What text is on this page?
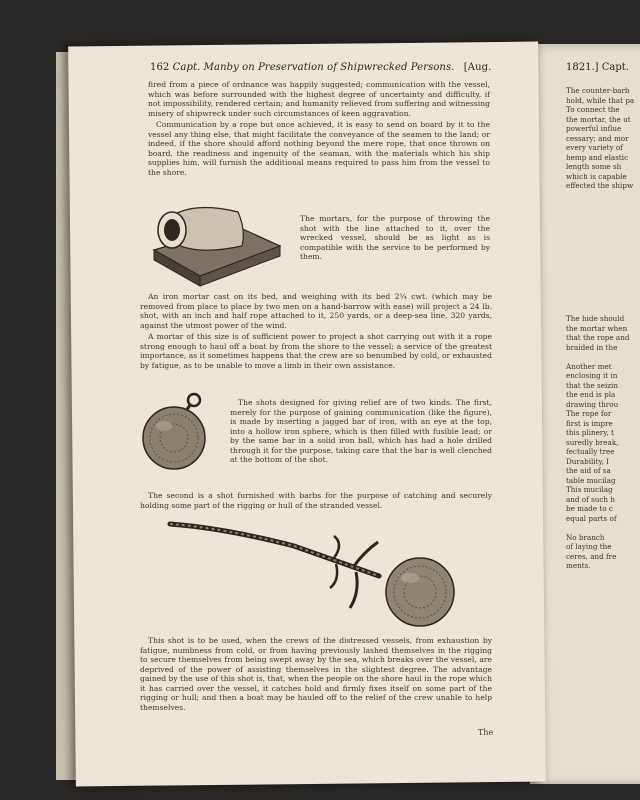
162 Capt. Manby on Preservation of Shipwrecked Persons. [Aug.

fired from a piece of ordnance was happily suggested; communication with the vessel, which was before surrounded with the highest degree of uncertainty and difficulty, if not impossibility, rendered certain; and humanity relieved from suffering and witnessing misery of shipwreck under such circumstances of keen aggravation.

Communication by a rope but once achieved, it is easy to send on board by it to the vessel any thing else, that might facilitate the conveyance of the seamen to the land; or indeed, if the shore should afford nothing beyond the mere rope, that once thrown on board, the readiness and ingenuity of the seaman, with the materials which his ship supplies him, will furnish the additional means required to pass him from the vessel to the shore.

The mortars, for the purpose of throwing the shot with the line attached to it, over the wrecked vessel, should be as light as is compatible with the service to be performed by them.

An iron mortar cast on its bed, and weighing with its bed 2¼ cwt. (which may be removed from place to place by two men on a hand-barrow with ease) will project a 24 lb. shot, with an inch and half rope attached to it, 250 yards, or a deep-sea line, 320 yards, against the utmost power of the wind.

A mortar of this size is of sufficient power to project a shot carrying out with it a rope strong enough to haul off a boat by from the shore to the vessel; a service of the greatest importance, as it sometimes happens that the crew are so benumbed by cold, or exhausted by fatigue, as to be unable to move a limb in their own assistance.

The shots designed for giving relief are of two kinds. The first, merely for the purpose of gaining communication (like the figure), is made by inserting a jagged bar of iron, with an eye at the top, into a hollow iron sphere, which is then filled with fusible lead; or by the same bar in a solid iron ball, which has had a hole drilled through it for the purpose, taking care that the bar is well clenched at the bottom of the shot.

The second is a shot furnished with barbs for the purpose of catching and securely holding some part of the rigging or hull of the stranded vessel.

This shot is to be used, when the crews of the distressed vessels, from exhaustion by fatigue, numbness from cold, or from having previously lashed themselves in the rigging to secure themselves from being swept away by the sea, which breaks over the vessel, are deprived of the power of assisting themselves in the slightest degree. The advantage gained by the use of this shot is, that, when the people on the shore haul in the rope which it has carried over the vessel, it catches hold and firmly fixes itself on some part of the rigging or hull; and then a boat may be hauled off to the relief of the crew unable to help themselves.

The
1821.] Capt.
The counter-barb
hold, while that pa
To connect the
the mortar, the ut
powerful influe
cessary; and mor
every variety of
hemp and elastic
length some sh
which is capable
effected the shipw
The hide should
the mortar when
that the rope and
braided in the
Another met
enclosing it in
that the seizin
the end is pla
drawing throu
The rope for
first is impre
this plinery, t
suredly break,
fectually tree
Durability, I
the aid of sa
table mucilag
This mucilag
and of such h
be made to c
equal parts of
No branch
of laying the
ceres, and fre
ments.
